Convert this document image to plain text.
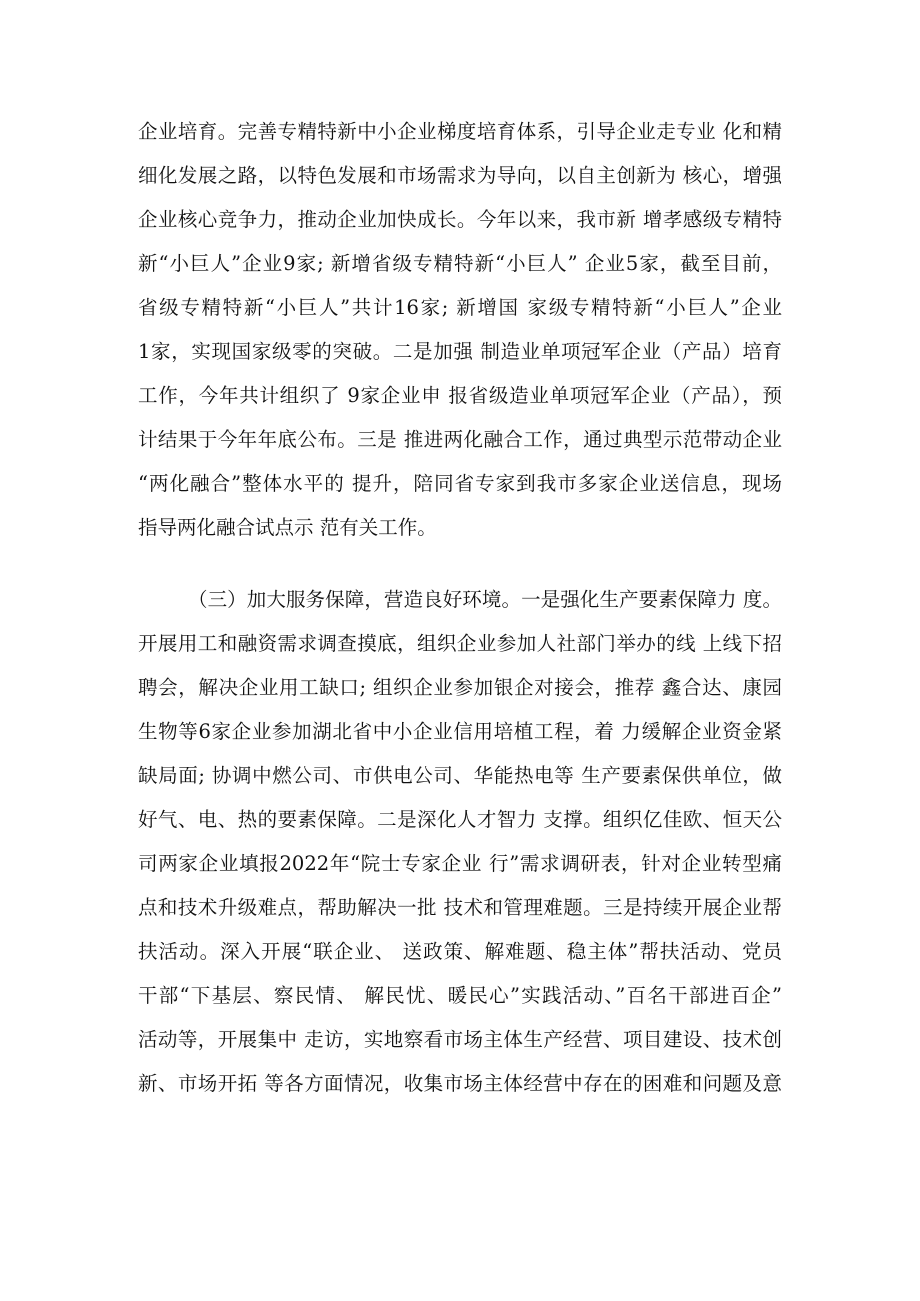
企业培育。完善专精特新中小企业梯度培育体系，引导企业走专业 化和精
细化发展之路，以特色发展和市场需求为导向，以自主创新为 核心，增强
企业核心竞争力，推动企业加快成长。今年以来，我市新 增孝感级专精特
新“小巨人”企业9家; 新增省级专精特新“小巨人” 企业5家，截至目前，
省级专精特新“小巨人”共计16家; 新增国 家级专精特新“小巨人”企业
1家，实现国家级零的突破。二是加强 制造业单项冠军企业（产品）培育
工作，今年共计组织了 9家企业申 报省级造业单项冠军企业（产品），预
计结果于今年年底公布。三是 推进两化融合工作，通过典型示范带动企业
“两化融合”整体水平的 提升，陪同省专家到我市多家企业送信息，现场
指导两化融合试点示 范有关工作。
（三）加大服务保障，营造良好环境。一是强化生产要素保障力 度。
开展用工和融资需求调查摸底，组织企业参加人社部门举办的线 上线下招
聘会，解决企业用工缺口; 组织企业参加银企对接会，推荐 鑫合达、康园
生物等6家企业参加湖北省中小企业信用培植工程，着 力缓解企业资金紧
缺局面; 协调中燃公司、市供电公司、华能热电等 生产要素保供单位，做
好气、电、热的要素保障。二是深化人才智力 支撑。组织亿佳欧、恒天公
司两家企业填报2022年“院士专家企业 行”需求调研表，针对企业转型痛
点和技术升级难点，帮助解决一批 技术和管理难题。三是持续开展企业帮
扶活动。深入开展“联企业、 送政策、解难题、稳主体”帮扶活动、党员
干部“下基层、察民情、 解民忧、暖民心”实践活动、”百名干部进百企”
活动等，开展集中 走访，实地察看市场主体生产经营、项目建设、技术创
新、市场开拓 等各方面情况，收集市场主体经营中存在的困难和问题及意
